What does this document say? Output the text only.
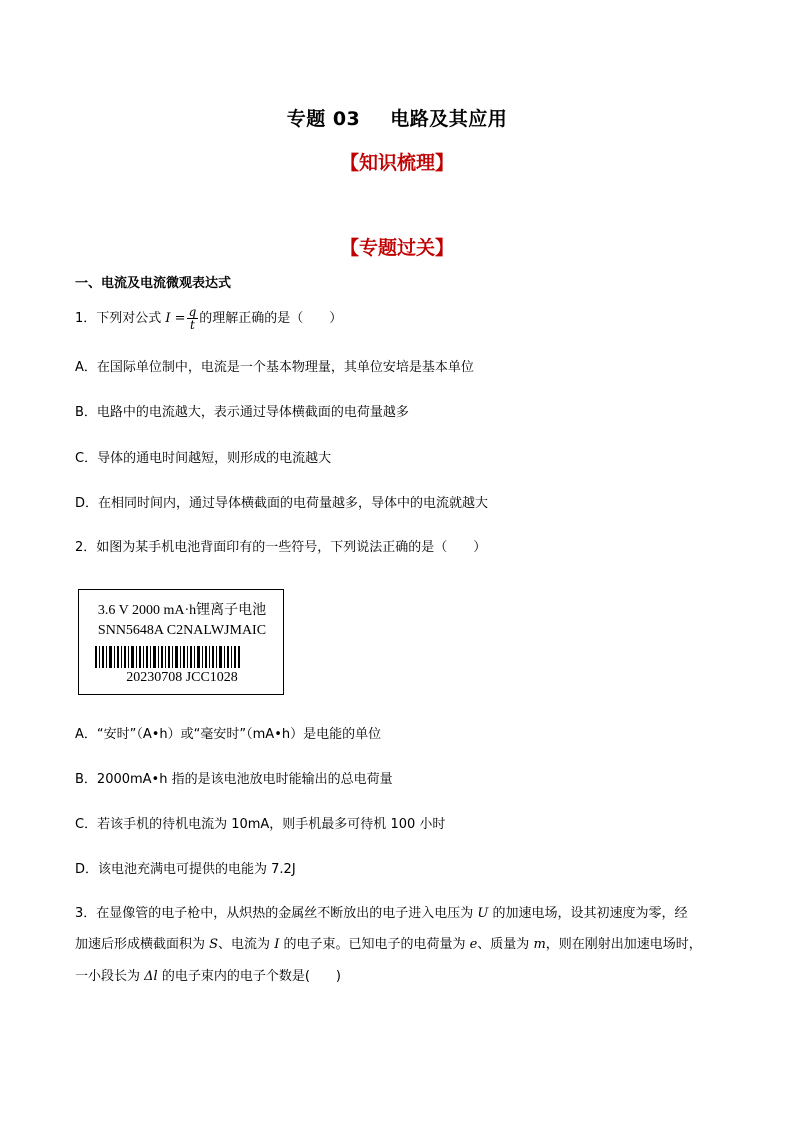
专题 03 电路及其应用
【知识梳理】
【专题过关】
一、电流及电流微观表达式
1．下列对公式 $I = \frac{q}{t}$ 的理解正确的是（　　）
A．在国际单位制中，电流是一个基本物理量，其单位安培是基本单位
B．电路中的电流越大，表示通过导体横截面的电荷量越多
C．导体的通电时间越短，则形成的电流越大
D．在相同时间内，通过导体横截面的电荷量越多，导体中的电流就越大
2．如图为某手机电池背面印有的一些符号，下列说法正确的是（　　）
3.6 V 2000 mA·h锂离子电池
SNN5648A C2NALWJMAIC
20230708 JCC1028
A．“安时”（A•h）或“毫安时”（mA•h）是电能的单位
B．2000mA•h 指的是该电池放电时能输出的总电荷量
C．若该手机的待机电流为 10mA，则手机最多可待机 100 小时
D．该电池充满电可提供的电能为 7.2J
3．在显像管的电子枪中，从炽热的金属丝不断放出的电子进入电压为 U 的加速电场，设其初速度为零，经
加速后形成横截面积为 S、电流为 I 的电子束。已知电子的电荷量为 e、质量为 m，则在刚射出加速电场时，
一小段长为 Δl 的电子束内的电子个数是(　　)
